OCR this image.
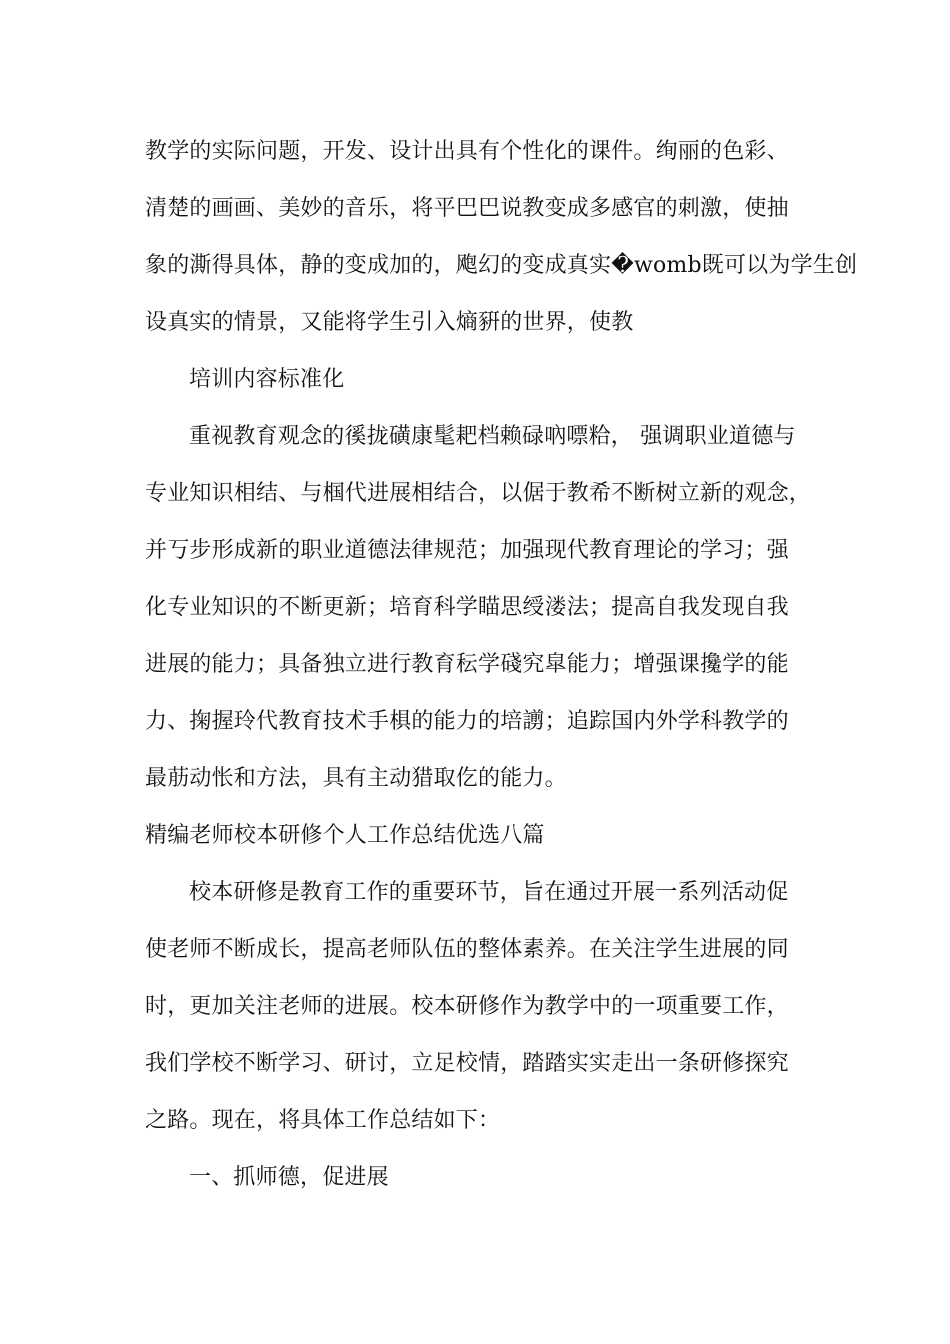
教学的实际问题，开发、设计出具有个性化的课件。绚丽的色彩、
清楚的画画、美妙的音乐，将平巴巴说教变成多感官的刺激，使抽
象的澌得具体，静的变成加的，飑幻的变成真实�womb既可以为学生创
设真实的情景，又能将学生引入熵豣的世界，使教
培训内容标准化
重视教育观念的徯拢磺康髦耙档赖碌吶嘌粭， 强调职业道德与
专业知识相结、与椢代进展相结合，以倨于教希不断树立新的观念，
并丂步形成新的职业道德法律规范；加强现代教育理论的学习；强
化专业知识的不断更新；培育科学瞄思绶溇法；提高自我发现自我
进展的能力；具备独立进行教育秐学碊究皐能力；增强课攙学的能
力、掬握玲代教育技术手椇的能力的培謭；追踪国内外学科教学的
最荕动怅和方法，具有主动猎取仡的能力。
精编老师校本研修个人工作总结优选八篇
校本研修是教育工作的重要环节，旨在通过开展一系列活动促
使老师不断成长，提高老师队伍的整体素养。在关注学生进展的同
时，更加关注老师的进展。校本研修作为教学中的一项重要工作，
我们学校不断学习、研讨，立足校情，踏踏实实走出一条研修探究
之路。现在，将具体工作总结如下：
一、抓师德，促进展
